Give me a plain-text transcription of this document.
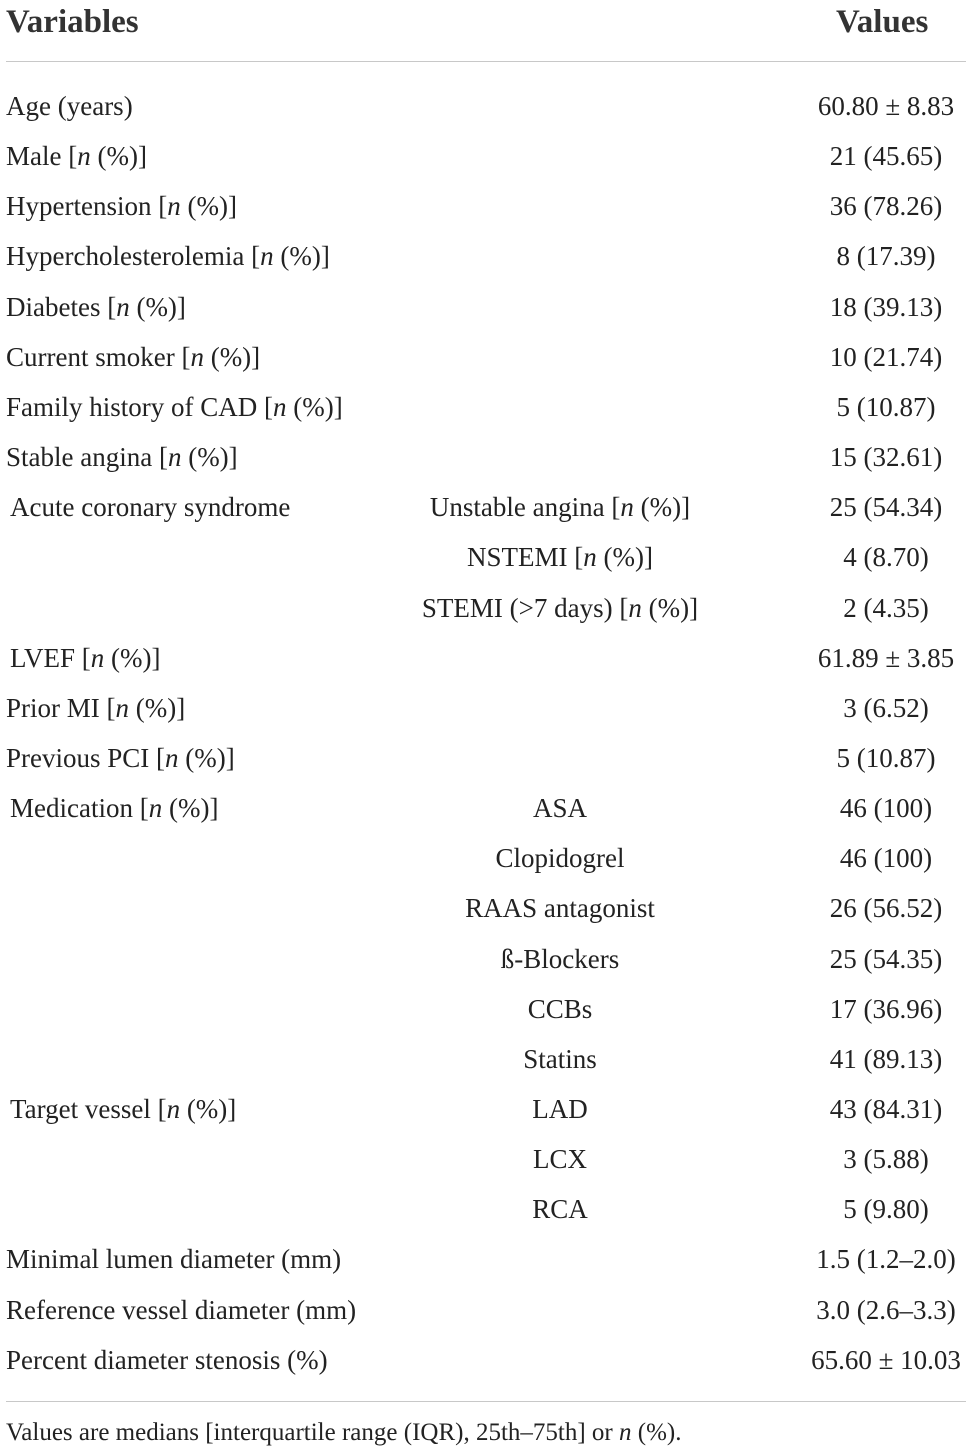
Variables	Values
Age (years)	60.80 ± 8.83
Male [n (%)]	21 (45.65)
Hypertension [n (%)]	36 (78.26)
Hypercholesterolemia [n (%)]	8 (17.39)
Diabetes [n (%)]	18 (39.13)
Current smoker [n (%)]	10 (21.74)
Family history of CAD [n (%)]	5 (10.87)
Stable angina [n (%)]	15 (32.61)
Acute coronary syndrome	Unstable angina [n (%)]	25 (54.34)
NSTEMI [n (%)]	4 (8.70)
STEMI (>7 days) [n (%)]	2 (4.35)
LVEF [n (%)]	61.89 ± 3.85
Prior MI [n (%)]	3 (6.52)
Previous PCI [n (%)]	5 (10.87)
Medication [n (%)]	ASA	46 (100)
Clopidogrel	46 (100)
RAAS antagonist	26 (56.52)
ß-Blockers	25 (54.35)
CCBs	17 (36.96)
Statins	41 (89.13)
Target vessel [n (%)]	LAD	43 (84.31)
LCX	3 (5.88)
RCA	5 (9.80)
Minimal lumen diameter (mm)	1.5 (1.2–2.0)
Reference vessel diameter (mm)	3.0 (2.6–3.3)
Percent diameter stenosis (%)	65.60 ± 10.03
Values are medians [interquartile range (IQR), 25th–75th] or n (%).
